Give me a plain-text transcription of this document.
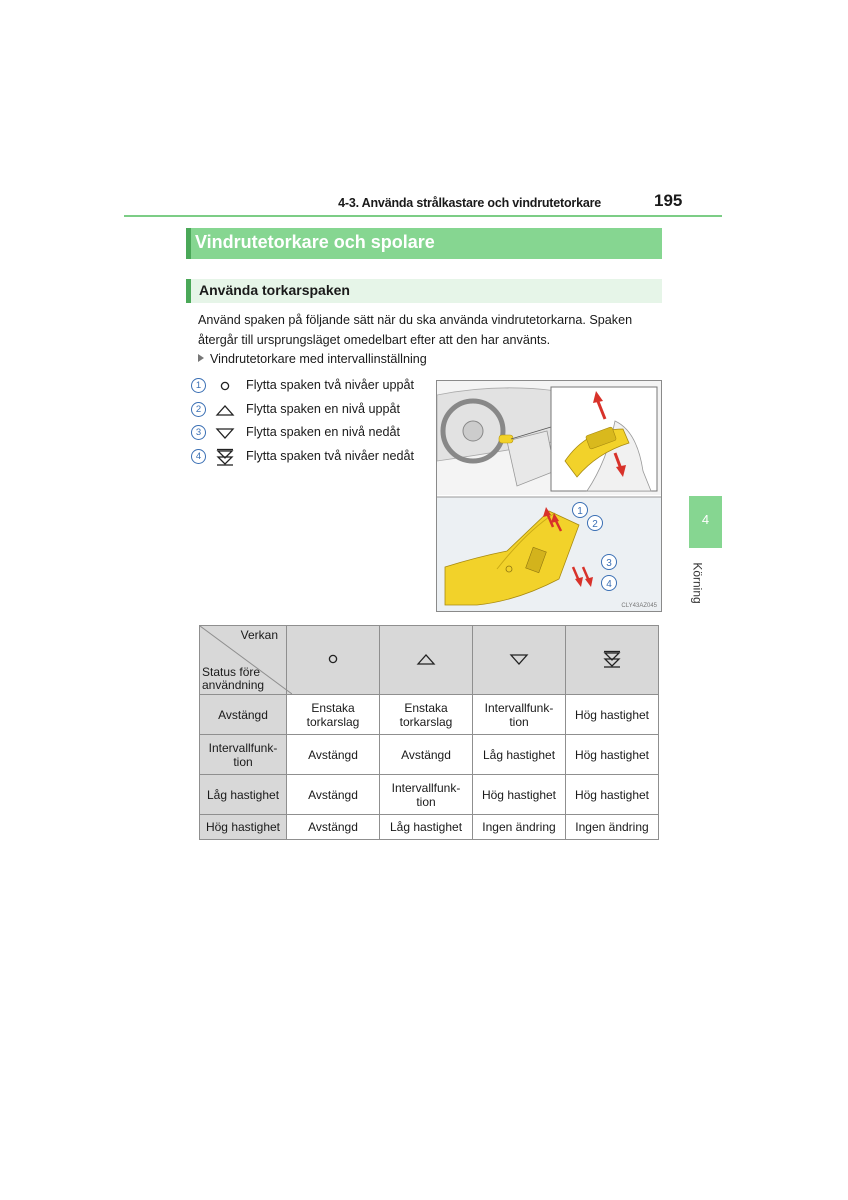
4-3. Använda strålkastare och vindrutetorkare	195
Vindrutetorkare och spolare
Använda torkarspaken
Använd spaken på följande sätt när du ska använda vindrutetorkarna. Spaken återgår till ursprungsläget omedelbart efter att den har använts.
Vindrutetorkare med intervallinställning
1	Flytta spaken två nivåer uppåt
2	Flytta spaken en nivå uppåt
3	Flytta spaken en nivå nedåt
4	Flytta spaken två nivåer nedåt
1
2
3
4
CLY43AZ045
4
Körning
Verkan
Status före användning

Avstängd	Enstaka torkarslag	Enstaka torkarslag	Intervallfunk-tion	Hög hastighet
Intervallfunk-tion	Avstängd	Avstängd	Låg hastighet	Hög hastighet
Låg hastighet	Avstängd	Intervallfunk-tion	Hög hastighet	Hög hastighet
Hög hastighet	Avstängd	Låg hastighet	Ingen ändring	Ingen ändring
